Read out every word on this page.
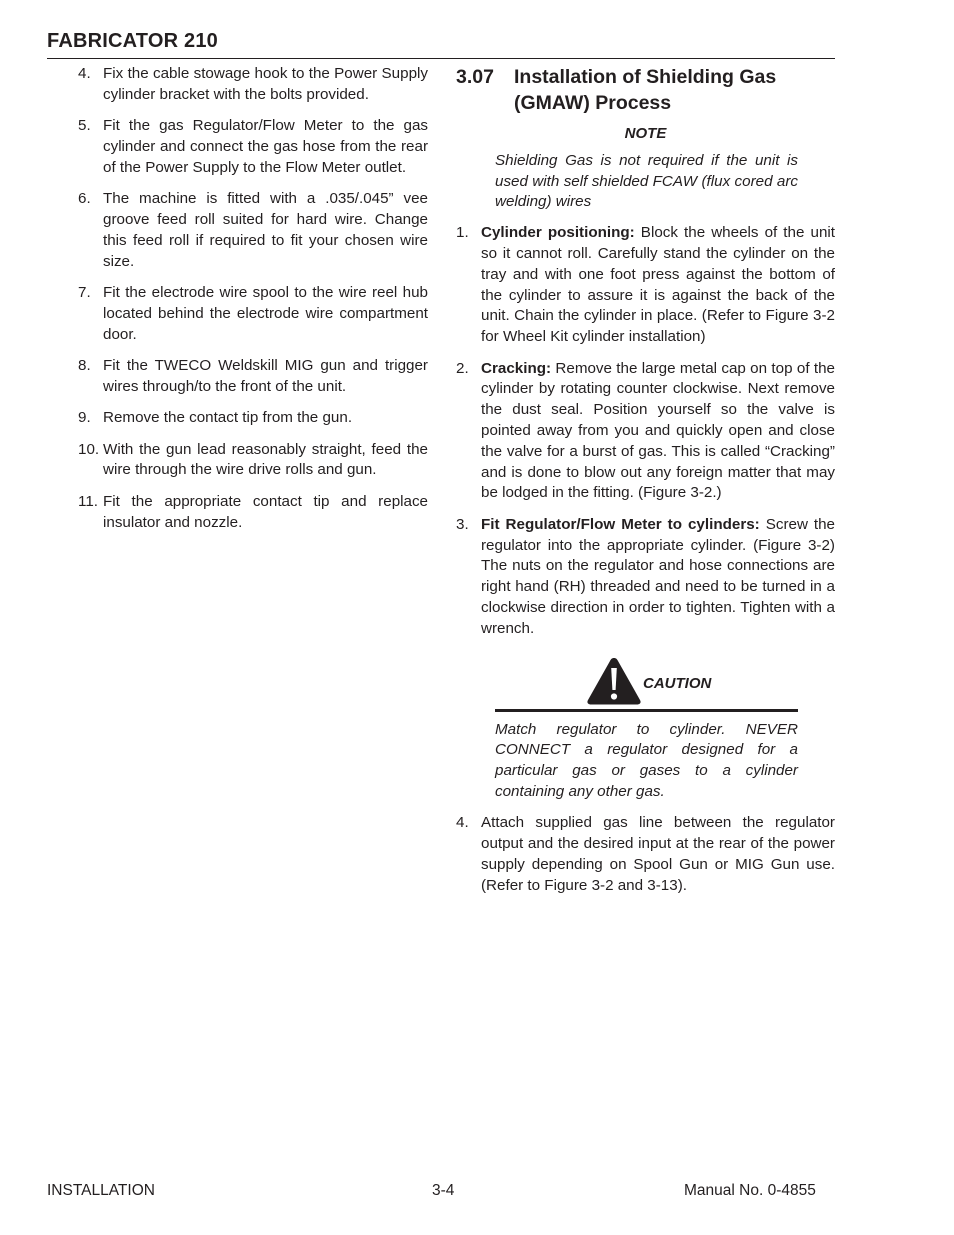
FABRICATOR 210
4. Fix the cable stowage hook to the Power Supply cylinder bracket with the bolts provided.
5. Fit the gas Regulator/Flow Meter to the gas cylinder and connect the gas hose from the rear of the Power Supply to the Flow Meter outlet.
6. The machine is fitted with a .035/.045” vee groove feed roll suited for hard wire. Change this feed roll if required to fit your chosen wire size.
7. Fit the electrode wire spool to the wire reel hub located behind the electrode wire compartment door.
8. Fit the TWECO Weldskill MIG gun and trigger wires through/to the front of the unit.
9. Remove the contact tip from the gun.
10. With the gun lead reasonably straight, feed the wire through the wire drive rolls and gun.
11. Fit the appropriate contact tip and replace insulator and nozzle.
3.07	Installation of Shielding Gas (GMAW) Process
NOTE
Shielding Gas is not required if the unit is used with self shielded FCAW (flux cored arc welding) wires
1. Cylinder positioning: Block the wheels of the unit so it cannot roll. Carefully stand the cylinder on the tray and with one foot press against the bottom of the cylinder to assure it is against the back of the unit. Chain the cylinder in place. (Refer to Figure 3-2 for Wheel Kit cylinder installation)
2. Cracking: Remove the large metal cap on top of the cylinder by rotating counter clockwise. Next remove the dust seal. Position yourself so the valve is pointed away from you and quickly open and close the valve for a burst of gas. This is called “Cracking” and is done to blow out any foreign matter that may be lodged in the fitting. (Figure 3-2.)
3. Fit Regulator/Flow Meter to cylinders: Screw the regulator into the appropriate cylinder. (Figure 3-2) The nuts on the regulator and hose connections are right hand (RH) threaded and need to be turned in a clockwise direction in order to tighten. Tighten with a wrench.
CAUTION
Match regulator to cylinder. NEVER CONNECT a regulator designed for a particular gas or gases to a cylinder containing any other gas.
4. Attach supplied gas line between the regulator output and the desired input at the rear of the power supply depending on Spool Gun or MIG Gun use. (Refer to Figure 3-2 and 3-13).
INSTALLATION	3-4	Manual No. 0-4855
